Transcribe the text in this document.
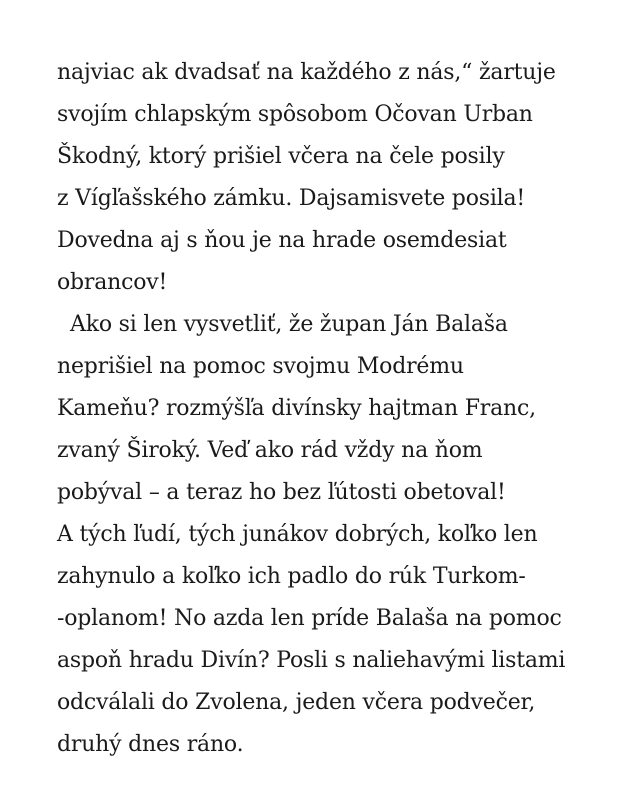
najviac ak dvadsať na každého z nás,“ žartuje
svojím chlapským spôsobom Očovan Urban
Škodný, ktorý prišiel včera na čele posily
z Vígľašského zámku. Dajsamisvete posila!
Dovedna aj s ňou je na hrade osemdesiat
obrancov!
Ako si len vysvetliť, že župan Ján Balaša
neprišiel na pomoc svojmu Modrému
Kameňu? rozmýšľa divínsky hajtman Franc,
zvaný Široký. Veď ako rád vždy na ňom
pobýval – a teraz ho bez ľútosti obetoval!
A tých ľudí, tých junákov dobrých, koľko len
zahynulo a koľko ich padlo do rúk Turkom-
-oplanom! No azda len príde Balaša na pomoc
aspoň hradu Divín? Posli s naliehavými listami
odcválali do Zvolena, jeden včera podvečer,
druhý dnes ráno.
